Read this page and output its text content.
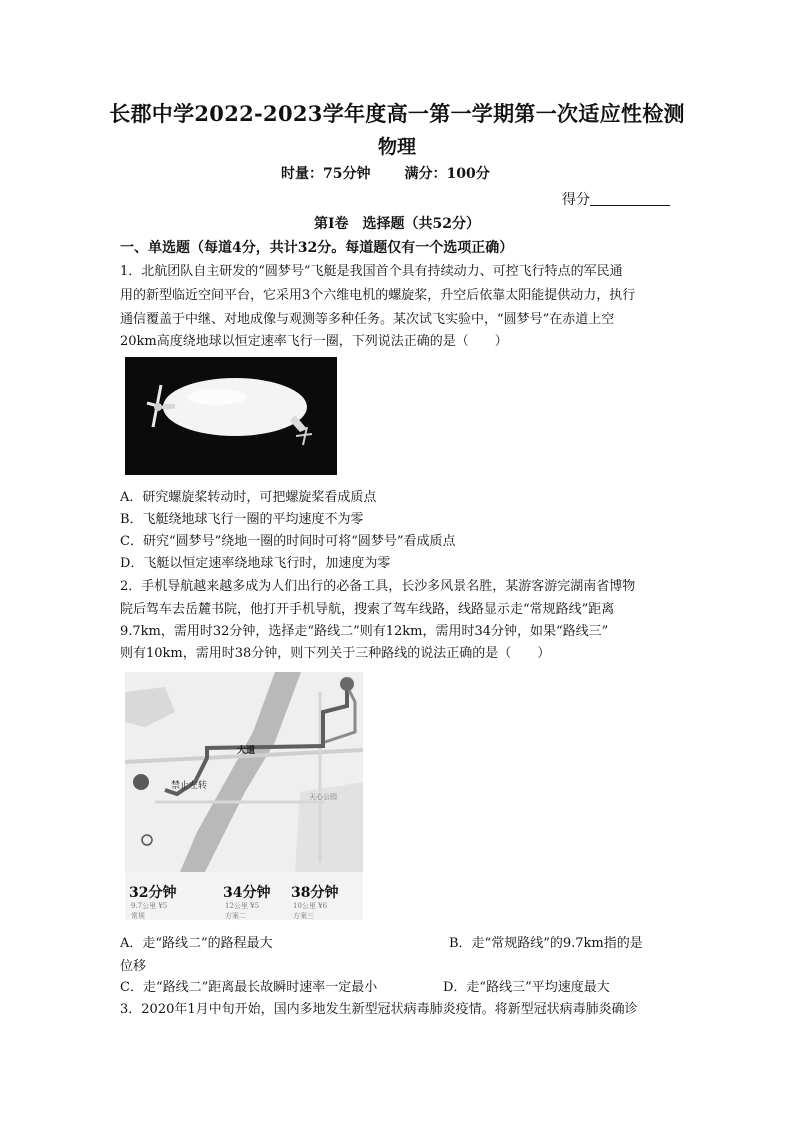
长郡中学2022-2023学年度高一第一学期第一次适应性检测
物理
时量：75分钟 满分：100分
得分
第Ⅰ卷　选择题（共52分）
一、单选题（每道4分，共计32分。每道题仅有一个选项正确）
1．北航团队自主研发的“圆梦号”飞艇是我国首个具有持续动力、可控飞行特点的军民通
用的新型临近空间平台，它采用3个六维电机的螺旋桨，升空后依靠太阳能提供动力，执行
通信覆盖于中继、对地成像与观测等多种任务。某次试飞实验中，“圆梦号”在赤道上空
20km高度绕地球以恒定速率飞行一圈，下列说法正确的是（　　）
A．研究螺旋桨转动时，可把螺旋桨看成质点
B．飞艇绕地球飞行一圈的平均速度不为零
C．研究“圆梦号”绕地一圈的时间时可将“圆梦号”看成质点
D．飞艇以恒定速率绕地球飞行时，加速度为零
2．手机导航越来越多成为人们出行的必备工具，长沙多风景名胜，某游客游完湖南省博物
院后驾车去岳麓书院，他打开手机导航，搜索了驾车线路，线路显示走“常规路线”距离
9.7km，需用时32分钟，选择走“路线二”则有12km，需用时34分钟，如果“路线三”
则有10km，需用时38分钟，则下列关于三种路线的说法正确的是（　　）
大道
禁止左转
天心公园
32分钟	34分钟 38分钟
9.7公里 ¥5	12公里 ¥5	10公里 ¥6
常规	方案二	方案三
A．走“路线二”的路程最大	B．走“常规路线”的9.7km指的是
位移
C．走“路线二”距离最长故瞬时速率一定最小	D．走“路线三”平均速度最大
3．2020年1月中旬开始，国内多地发生新型冠状病毒肺炎疫情。将新型冠状病毒肺炎确诊
